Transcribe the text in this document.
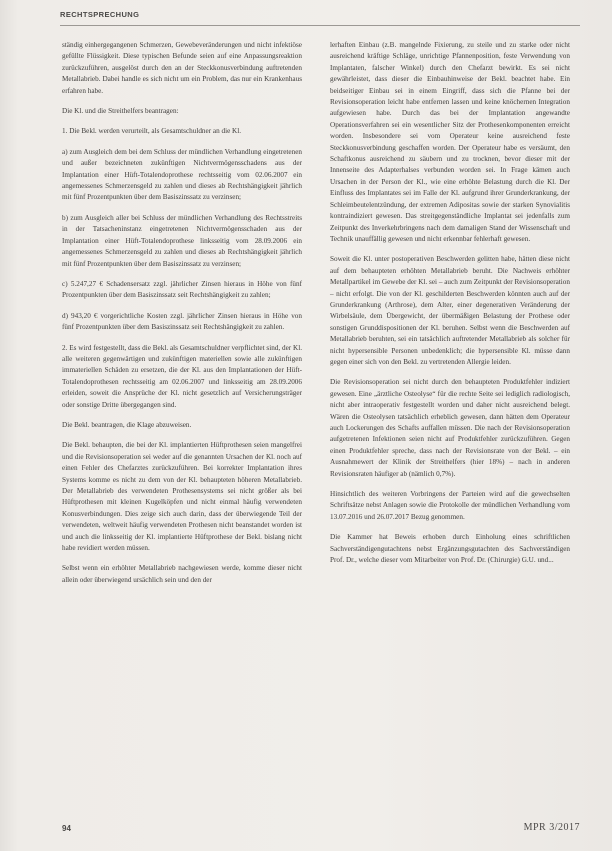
RECHTSPRECHUNG

ständig einhergegangenen Schmerzen, Gewebeveränderungen und nicht infektiöse gefüllte Flüssigkeit. Diese typischen Befunde seien auf eine Anpassungsreaktion zurückzuführen, ausgelöst durch den an der Steckkonusverbindung auftretenden Metallabrieb. Dabei handle es sich nicht um ein Problem, das nur ein Krankenhaus erfahren habe.

Die Kl. und die Streithelfers beantragen:

1. Die Bekl. werden verurteilt, als Gesamtschuldner an die Kl.

a) zum Ausgleich dem bei dem Schluss der mündlichen Verhandlung eingetretenen und außer bezeichneten zukünftigen Nichtvermögensschadens aus der Implantation einer Hüft-Totalendoprothese rechtsseitig vom 02.06.2007 ein angemessenes Schmerzensgeld zu zahlen und dieses ab Rechtshängigkeit jährlich mit fünf Prozentpunkten über dem Basiszinssatz zu verzinsen;

b) zum Ausgleich aller bei Schluss der mündlichen Verhandlung des Rechtsstreits in der Tatsacheninstanz eingetretenen Nichtvermögensschaden aus der Implantation einer Hüft-Totalendoprothese linksseitig vom 28.09.2006 ein angemessenes Schmerzensgeld zu zahlen und dieses ab Rechtshängigkeit jährlich mit fünf Prozentpunkten über dem Basiszinssatz zu verzinsen;

c) 5.247,27 € Schadensersatz zzgl. jährlicher Zinsen hieraus in Höhe von fünf Prozentpunkten über dem Basiszinssatz seit Rechtshängigkeit zu zahlen;

d) 943,20 € vorgerichtliche Kosten zzgl. jährlicher Zinsen hieraus in Höhe von fünf Prozentpunkten über dem Basiszinssatz seit Rechtshängigkeit zu zahlen.

2. Es wird festgestellt, dass die Bekl. als Gesamtschuldner verpflichtet sind, der Kl. alle weiteren gegenwärtigen und zukünftigen materiellen sowie alle zukünftigen immateriellen Schäden zu ersetzen, die der Kl. aus den Implantationen der Hüft-Totalendoprothesen rechtsseitig am 02.06.2007 und linksseitig am 28.09.2006 erleiden, soweit die Ansprüche der Kl. nicht gesetzlich auf Versicherungsträger oder sonstige Dritte übergegangen sind.

Die Bekl. beantragen, die Klage abzuweisen.

Die Bekl. behaupten, die bei der Kl. implantierten Hüftprothesen seien mangelfrei und die Revisionsoperation sei weder auf die genannten Ursachen der Kl. noch auf einen Fehler des Chefarztes zurückzuführen. Bei korrekter Implantation ihres Systems komme es nicht zu dem von der Kl. behaupteten höheren Metallabrieb. Der Metallabrieb des verwendeten Prothesensystems sei nicht größer als bei Hüftprothesen mit kleinen Kugelköpfen und nicht einmal häufig verwendeten Konusverbindungen. Dies zeige sich auch darin, dass der überwiegende Teil der verwendeten, weltweit häufig verwendeten Prothesen nicht beanstandet worden ist und auch die linksseitig der Kl. implantierte Hüftprothese der Bekl. bislang nicht habe revidiert werden müssen.

Selbst wenn ein erhöhter Metallabrieb nachgewiesen werde, komme dieser nicht allein oder überwiegend ursächlich sein und den der

lerhaften Einbau (z.B. mangelnde Fixierung, zu steile und zu starke oder nicht ausreichend kräftige Schläge, unrichtige Pfannenposition, feste Verwendung von Implantaten, falscher Winkel) durch den Chefarzt bewirkt. Es sei nicht gewährleistet, dass dieser die Einbauhinweise der Bekl. beachtet habe. Ein beidseitiger Einbau sei in einem Eingriff, dass sich die Pfanne bei der Revisionsoperation leicht habe entfernen lassen und keine knöchernen Integration aufgewiesen habe. Durch das bei der Implantation angewandte Operationsverfahren sei ein wesentlicher Sitz der Prothesenkomponenten erreicht worden. Insbesondere sei vom Operateur keine ausreichend feste Steckkonusverbindung geschaffen worden. Der Operateur habe es versäumt, den Schaftkonus ausreichend zu säubern und zu trocknen, bevor dieser mit der Innenseite des Adapterhalses verbunden worden sei. In Frage kämen auch Ursachen in der Person der Kl., wie eine erhöhte Belastung durch die Kl. Der Einfluss des Implantates sei im Falle der Kl. aufgrund ihrer Grunderkrankung, der Schleimbeutelentzündung, der extremen Adipositas sowie der starken Synovialitis kontraindiziert gewesen. Das streitgegenständliche Implantat sei jedenfalls zum Zeitpunkt des Inverkehrbringens nach dem damaligen Stand der Wissenschaft und Technik unauffällig gewesen und nicht erkennbar fehlerhaft gewesen.

Soweit die Kl. unter postoperativen Beschwerden gelitten habe, hätten diese nicht auf dem behaupteten erhöhten Metallabrieb beruht. Die Nachweis erhöhter Metallpartikel im Gewebe der Kl. sei – auch zum Zeitpunkt der Revisionsoperation – nicht erfolgt. Die von der Kl. geschilderten Beschwerden könnten auch auf der Grunderkrankung (Arthrose), dem Alter, einer degenerativen Veränderung der Wirbelsäule, dem Übergewicht, der übermäßigen Belastung der Prothese oder sonstigen Grunddispositionen der Kl. beruhen. Selbst wenn die Beschwerden auf Metallabrieb beruhten, sei ein tatsächlich auftretender Metallabrieb als solcher für nicht hypersensible Personen unbedenklich; die hypersensible Kl. müsse dann gegen einer sich von den Bekl. zu vertretenden Allergie leiden.

Die Revisionsoperation sei nicht durch den behaupteten Produktfehler indiziert gewesen. Eine „ärztliche Osteolyse“ für die rechte Seite sei lediglich radiologisch, nicht aber intraoperativ festgestellt worden und daher nicht ausreichend belegt. Wären die Osteolysen tatsächlich erheblich gewesen, dann hätten dem Operateur auch Lockerungen des Schafts auffallen müssen. Die nach der Revisionsoperation aufgetretenen Infektionen seien nicht auf Produktfehler zurückzuführen. Gegen einen Produktfehler spreche, dass nach der Revisionsrate von der Bekl. – ein Ausnahmewert der Klinik der Streithelfers (hier 18%) – nach in anderen Revisionsraten häufiger ab (nämlich 0,7%).

Hinsichtlich des weiteren Vorbringens der Parteien wird auf die gewechselten Schriftsätze nebst Anlagen sowie die Protokolle der mündlichen Verhandlung vom 13.07.2016 und 26.07.2017 Bezug genommen.

Die Kammer hat Beweis erhoben durch Einholung eines schriftlichen Sachverständigengutachtens nebst Ergänzungsgutachten des Sachverständigen Prof. Dr., welche dieser vom Mitarbeiter von Prof. Dr. (Chirurgie) G.U. und...

94	MPR 3/2017
